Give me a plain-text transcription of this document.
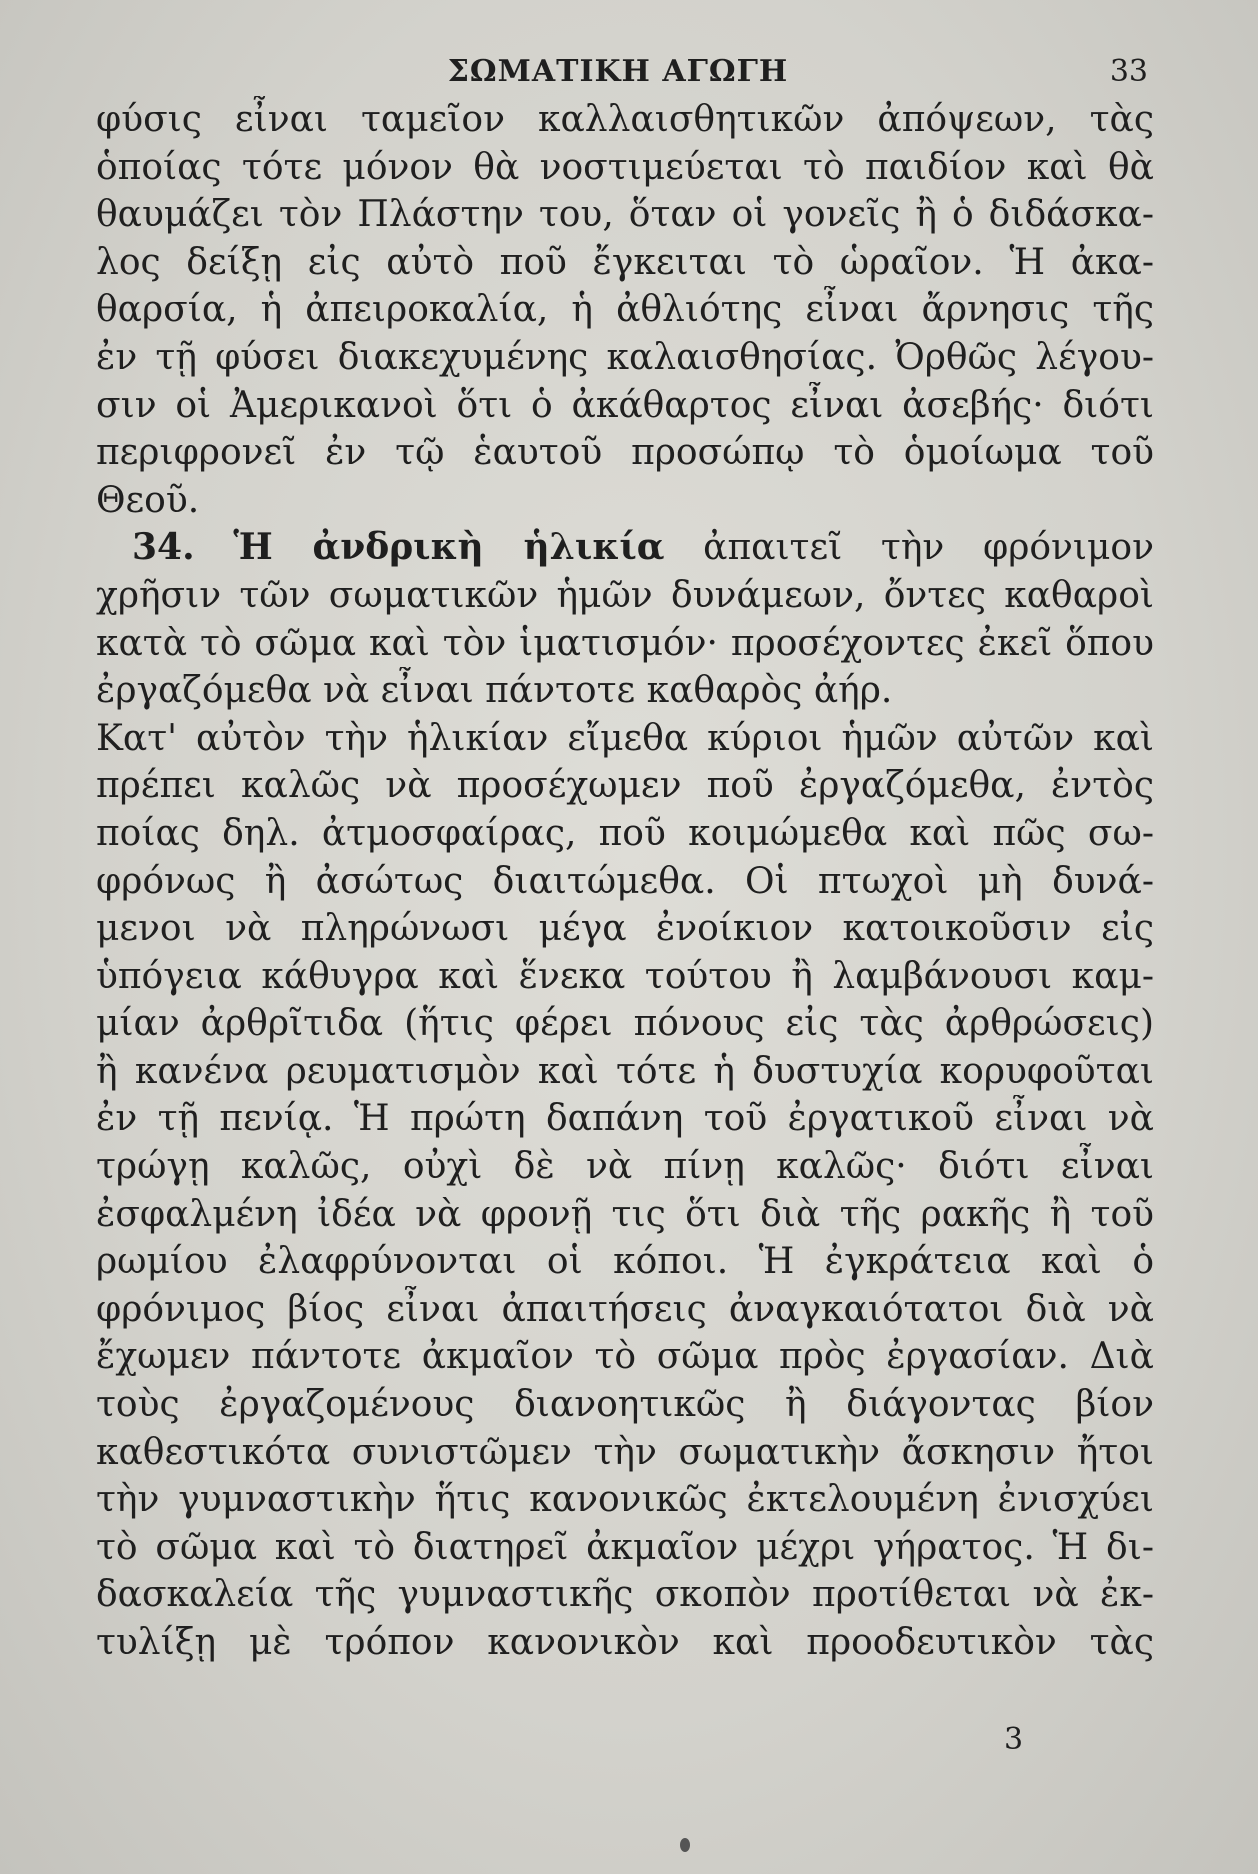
ΣΩΜΑΤΙΚΗ ΑΓΩΓΗ	33
φύσις εἶναι ταμεῖον καλλαισθητικῶν ἀπόψεων, τὰς
ὁποίας τότε μόνον θὰ νοστιμεύεται τὸ παιδίον καὶ θὰ
θαυμάζει τὸν Πλάστην του, ὅταν οἱ γονεῖς ἢ ὁ διδάσκα-
λος δείξῃ εἰς αὐτὸ ποῦ ἔγκειται τὸ ὡραῖον. Ἡ ἀκα-
θαρσία, ἡ ἀπειροκαλία, ἡ ἀθλιότης εἶναι ἄρνησις τῆς
ἐν τῇ φύσει διακεχυμένης καλαισθησίας. Ὀρθῶς λέγου-
σιν οἱ Ἀμερικανοὶ ὅτι ὁ ἀκάθαρτος εἶναι ἀσεβής· διότι
περιφρονεῖ ἐν τῷ ἑαυτοῦ προσώπῳ τὸ ὁμοίωμα τοῦ
Θεοῦ.
34. Ἡ ἀνδρικὴ ἡλικία ἀπαιτεῖ τὴν φρόνιμον
χρῆσιν τῶν σωματικῶν ἡμῶν δυνάμεων, ὄντες καθαροὶ
κατὰ τὸ σῶμα καὶ τὸν ἱματισμόν· προσέχοντες ἐκεῖ ὅπου
ἐργαζόμεθα νὰ εἶναι πάντοτε καθαρὸς ἀήρ.
Κατ' αὐτὸν τὴν ἡλικίαν εἴμεθα κύριοι ἡμῶν αὐτῶν καὶ
πρέπει καλῶς νὰ προσέχωμεν ποῦ ἐργαζόμεθα, ἐντὸς
ποίας δηλ. ἀτμοσφαίρας, ποῦ κοιμώμεθα καὶ πῶς σω-
φρόνως ἢ ἀσώτως διαιτώμεθα. Οἱ πτωχοὶ μὴ δυνά-
μενοι νὰ πληρώνωσι μέγα ἐνοίκιον κατοικοῦσιν εἰς
ὑπόγεια κάθυγρα καὶ ἕνεκα τούτου ἢ λαμβάνουσι καμ-
μίαν ἀρθρῖτιδα (ἥτις φέρει πόνους εἰς τὰς ἀρθρώσεις)
ἢ κανένα ρευματισμὸν καὶ τότε ἡ δυστυχία κορυφοῦται
ἐν τῇ πενίᾳ. Ἡ πρώτη δαπάνη τοῦ ἐργατικοῦ εἶναι νὰ
τρώγῃ καλῶς, οὐχὶ δὲ νὰ πίνῃ καλῶς· διότι εἶναι
ἐσφαλμένη ἰδέα νὰ φρονῇ τις ὅτι διὰ τῆς ρακῆς ἢ τοῦ
ρωμίου ἐλαφρύνονται οἱ κόποι. Ἡ ἐγκράτεια καὶ ὁ
φρόνιμος βίος εἶναι ἀπαιτήσεις ἀναγκαιότατοι διὰ νὰ
ἔχωμεν πάντοτε ἀκμαῖον τὸ σῶμα πρὸς ἐργασίαν. Διὰ
τοὺς ἐργαζομένους διανοητικῶς ἢ διάγοντας βίον
καθεστικότα συνιστῶμεν τὴν σωματικὴν ἄσκησιν ἤτοι
τὴν γυμναστικὴν ἥτις κανονικῶς ἐκτελουμένη ἐνισχύει
τὸ σῶμα καὶ τὸ διατηρεῖ ἀκμαῖον μέχρι γήρατος. Ἡ δι-
δασκαλεία τῆς γυμναστικῆς σκοπὸν προτίθεται νὰ ἐκ-
τυλίξῃ μὲ τρόπον κανονικὸν καὶ προοδευτικὸν τὰς
3
